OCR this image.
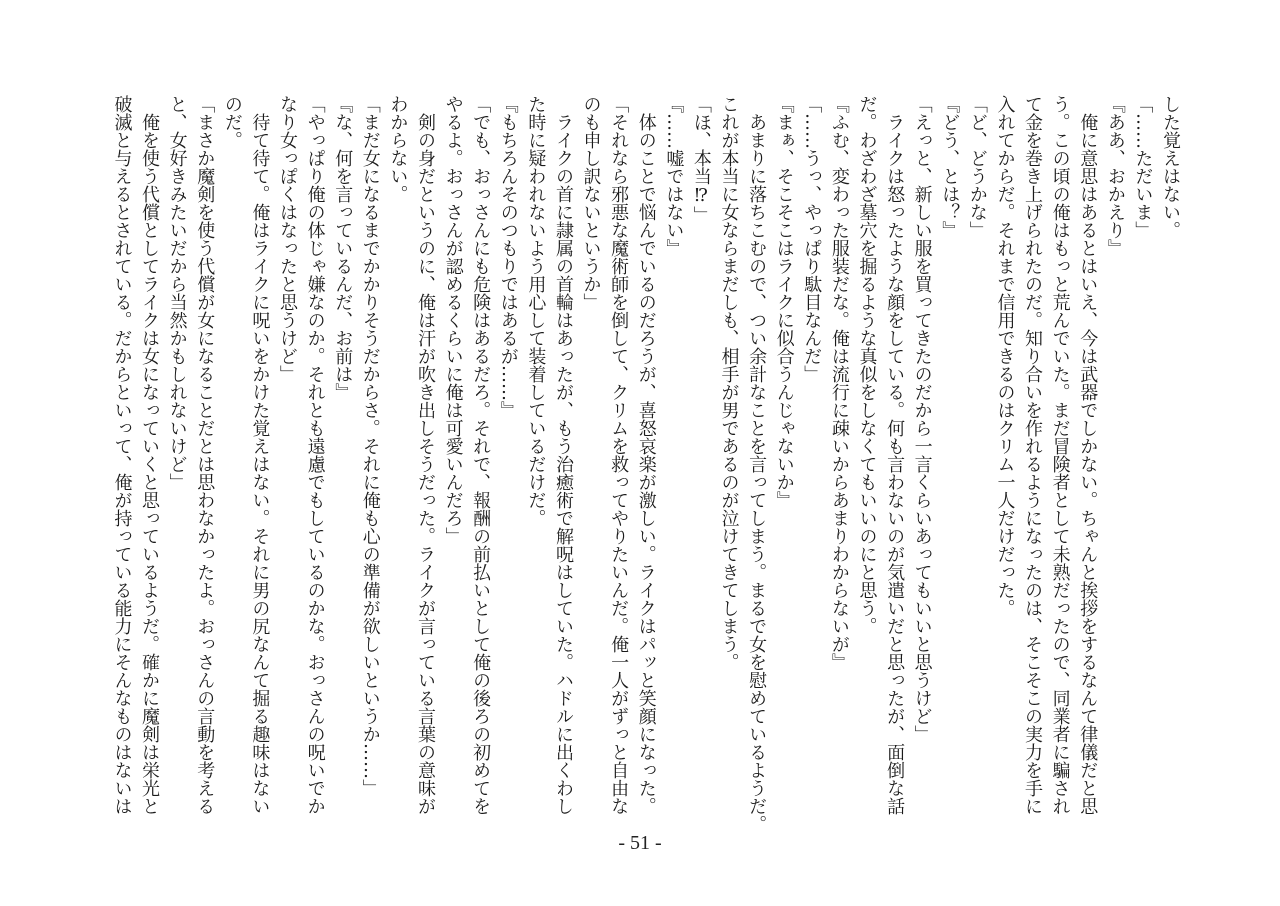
した覚えはない。
「……ただいま」
『ああ、おかえり』
　俺に意思はあるとはいえ、今は武器でしかない。ちゃんと挨拶をするなんて律儀だと思
う。この頃の俺はもっと荒んでいた。まだ冒険者として未熟だったので、同業者に騙され
て金を巻き上げられたのだ。知り合いを作れるようになったのは、そこそこの実力を手に
入れてからだ。それまで信用できるのはクリム一人だけだった。
「ど、どうかな」
『どう、とは？』
「えっと、新しい服を買ってきたのだから一言くらいあってもいいと思うけど」
　ライクは怒ったような顔をしている。何も言わないのが気遣いだと思ったが、面倒な話
だ。わざわざ墓穴を掘るような真似をしなくてもいいのにと思う。
『ふむ、変わった服装だな。俺は流行に疎いからあまりわからないが』
「……うっ、やっぱり駄目なんだ」
『まぁ、そこそこはライクに似合うんじゃないか』
　あまりに落ちこむので、つい余計なことを言ってしまう。まるで女を慰めているようだ。
これが本当に女ならまだしも、相手が男であるのが泣けてきてしまう。
「ほ、本当⁉」
『……嘘ではない』
　体のことで悩んでいるのだろうが、喜怒哀楽が激しい。ライクはパッと笑顔になった。
「それなら邪悪な魔術師を倒して、クリムを救ってやりたいんだ。俺一人がずっと自由な
のも申し訳ないというか」
　ライクの首に隷属の首輪はあったが、もう治癒術で解呪はしていた。ハドルに出くわし
た時に疑われないよう用心して装着しているだけだ。
『もちろんそのつもりではあるが……』
「でも、おっさんにも危険はあるだろ。それで、報酬の前払いとして俺の後ろの初めてを
やるよ。おっさんが認めるくらいに俺は可愛いんだろ」
　剣の身だというのに、俺は汗が吹き出しそうだった。ライクが言っている言葉の意味が
わからない。
「まだ女になるまでかかりそうだからさ。それに俺も心の準備が欲しいというか……」
『な、何を言っているんだ、お前は』
「やっぱり俺の体じゃ嫌なのか。それとも遠慮でもしているのかな。おっさんの呪いでか
なり女っぽくはなったと思うけど」
　待て待て。俺はライクに呪いをかけた覚えはない。それに男の尻なんて掘る趣味はない
のだ。
「まさか魔剣を使う代償が女になることだとは思わなかったよ。おっさんの言動を考える
と、女好きみたいだから当然かもしれないけど」
　俺を使う代償としてライクは女になっていくと思っているようだ。確かに魔剣は栄光と
破滅と与えるとされている。だからといって、俺が持っている能力にそんなものはないは
- 51 -
